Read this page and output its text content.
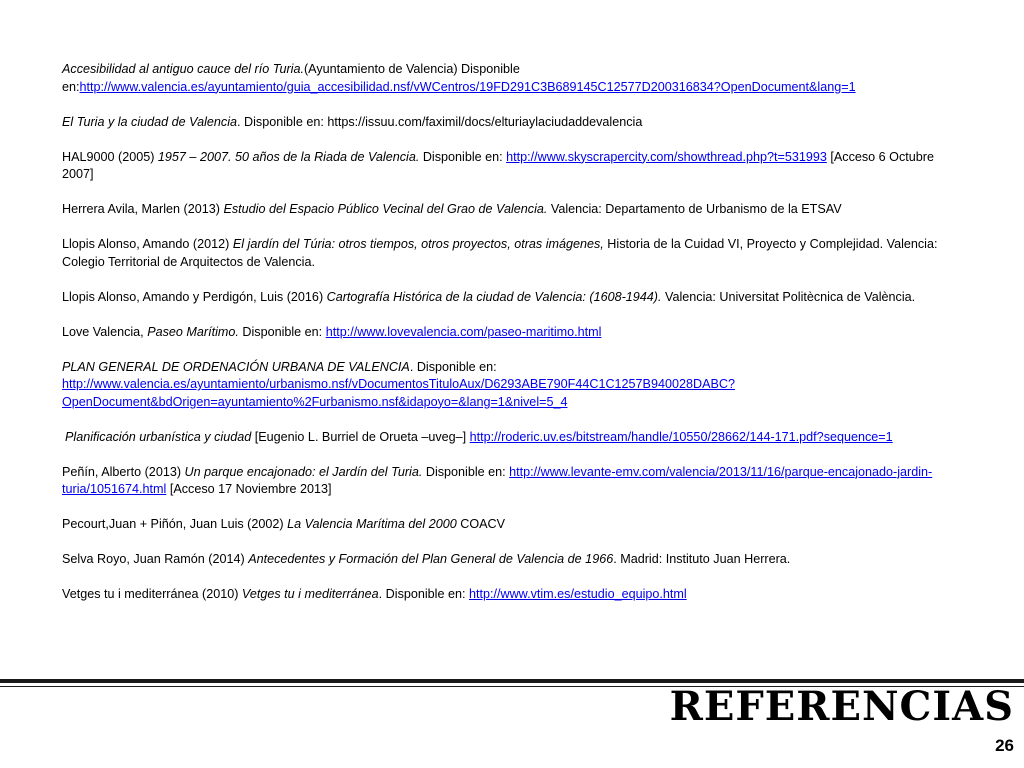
Accesibilidad al antiguo cauce del río Turia.(Ayuntamiento de Valencia) Disponible en:http://www.valencia.es/ayuntamiento/guia_accesibilidad.nsf/vWCentros/19FD291C3B689145C12577D200316834?OpenDocument&lang=1

El Turia y la ciudad de Valencia. Disponible en: https://issuu.com/faximil/docs/elturiaylaciudaddevalencia

HAL9000 (2005) 1957 – 2007. 50 años de la Riada de Valencia. Disponible en: http://www.skyscrapercity.com/showthread.php?t=531993 [Acceso 6 Octubre 2007]

Herrera Avila, Marlen (2013) Estudio del Espacio Público Vecinal del Grao de Valencia. Valencia: Departamento de Urbanismo de la ETSAV

Llopis Alonso, Amando (2012) El jardín del Túria: otros tiempos, otros proyectos, otras imágenes, Historia de la Cuidad VI, Proyecto y Complejidad. Valencia: Colegio Territorial de Arquitectos de Valencia.

Llopis Alonso, Amando y Perdigón, Luis (2016) Cartografía Histórica de la ciudad de Valencia: (1608-1944). Valencia: Universitat Politècnica de València.

Love Valencia, Paseo Marítimo. Disponible en: http://www.lovevalencia.com/paseo-maritimo.html

PLAN GENERAL DE ORDENACIÓN URBANA DE VALENCIA. Disponible en: http://www.valencia.es/ayuntamiento/urbanismo.nsf/vDocumentosTituloAux/D6293ABE790F44C1C1257B940028DABC?OpenDocument&bdOrigen=ayuntamiento%2Furbanismo.nsf&idapoyo=&lang=1&nivel=5_4

Planificación urbanística y ciudad [Eugenio L. Burriel de Orueta –uveg–] http://roderic.uv.es/bitstream/handle/10550/28662/144-171.pdf?sequence=1

Peñín, Alberto (2013) Un parque encajonado: el Jardín del Turia. Disponible en: http://www.levante-emv.com/valencia/2013/11/16/parque-encajonado-jardin-turia/1051674.html [Acceso 17 Noviembre 2013]

Pecourt,Juan + Piñón, Juan Luis (2002) La Valencia Marítima del 2000 COACV

Selva Royo, Juan Ramón (2014) Antecedentes y Formación del Plan General de Valencia de 1966. Madrid: Instituto Juan Herrera.

Vetges tu i mediterránea (2010) Vetges tu i mediterránea. Disponible en: http://www.vtim.es/estudio_equipo.html

REFERENCIAS
26
